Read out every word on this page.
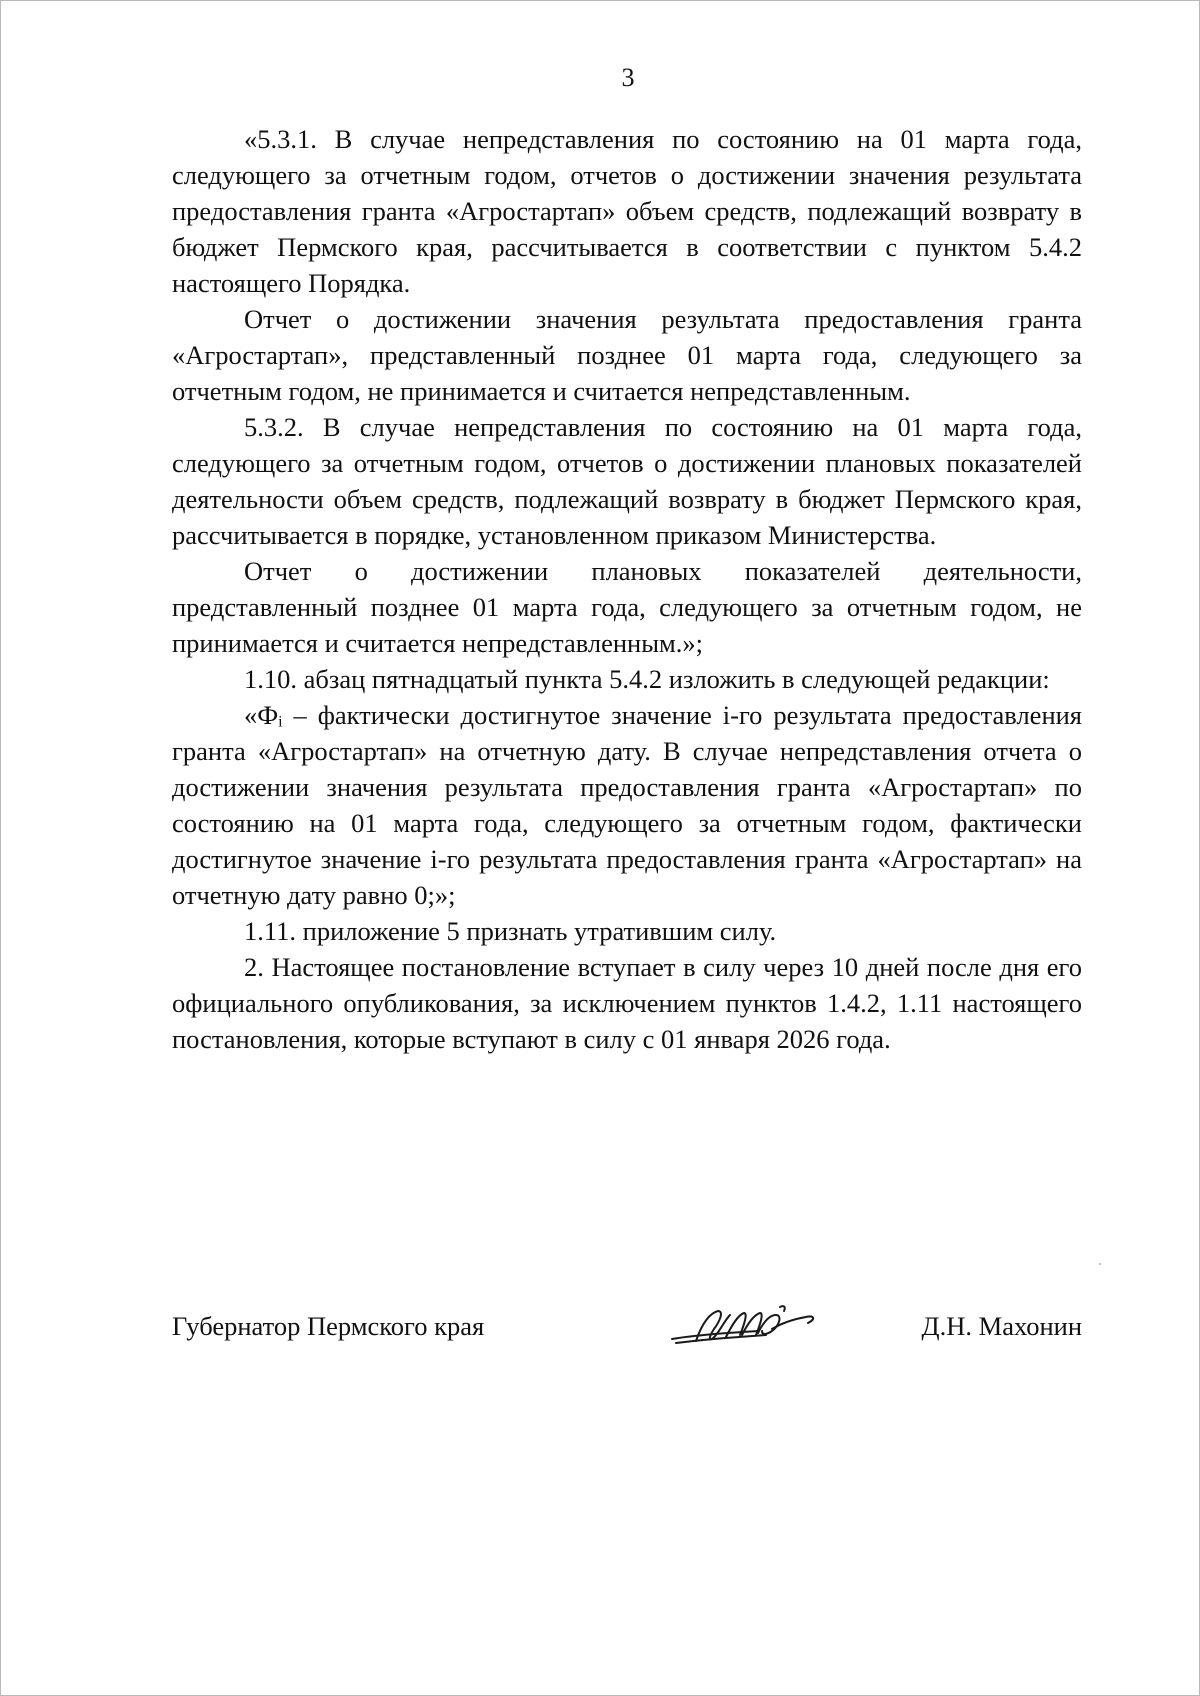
3

«5.3.1. В случае непредставления по состоянию на 01 марта года, следующего за отчетным годом, отчетов о достижении значения результата предоставления гранта «Агростартап» объем средств, подлежащий возврату в бюджет Пермского края, рассчитывается в соответствии с пунктом 5.4.2 настоящего Порядка.

Отчет о достижении значения результата предоставления гранта «Агростартап», представленный позднее 01 марта года, следующего за отчетным годом, не принимается и считается непредставленным.

5.3.2. В случае непредставления по состоянию на 01 марта года, следующего за отчетным годом, отчетов о достижении плановых показателей деятельности объем средств, подлежащий возврату в бюджет Пермского края, рассчитывается в порядке, установленном приказом Министерства.

Отчет о достижении плановых показателей деятельности, представленный позднее 01 марта года, следующего за отчетным годом, не принимается и считается непредставленным.»;

1.10. абзац пятнадцатый пункта 5.4.2 изложить в следующей редакции:

«Фᵢ – фактически достигнутое значение i-го результата предоставления гранта «Агростартап» на отчетную дату. В случае непредставления отчета о достижении значения результата предоставления гранта «Агростартап» по состоянию на 01 марта года, следующего за отчетным годом, фактически достигнутое значение i-го результата предоставления гранта «Агростартап» на отчетную дату равно 0;»;

1.11. приложение 5 признать утратившим силу.

2. Настоящее постановление вступает в силу через 10 дней после дня его официального опубликования, за исключением пунктов 1.4.2, 1.11 настоящего постановления, которые вступают в силу с 01 января 2026 года.

Губернатор Пермского края	Д.Н. Махонин
